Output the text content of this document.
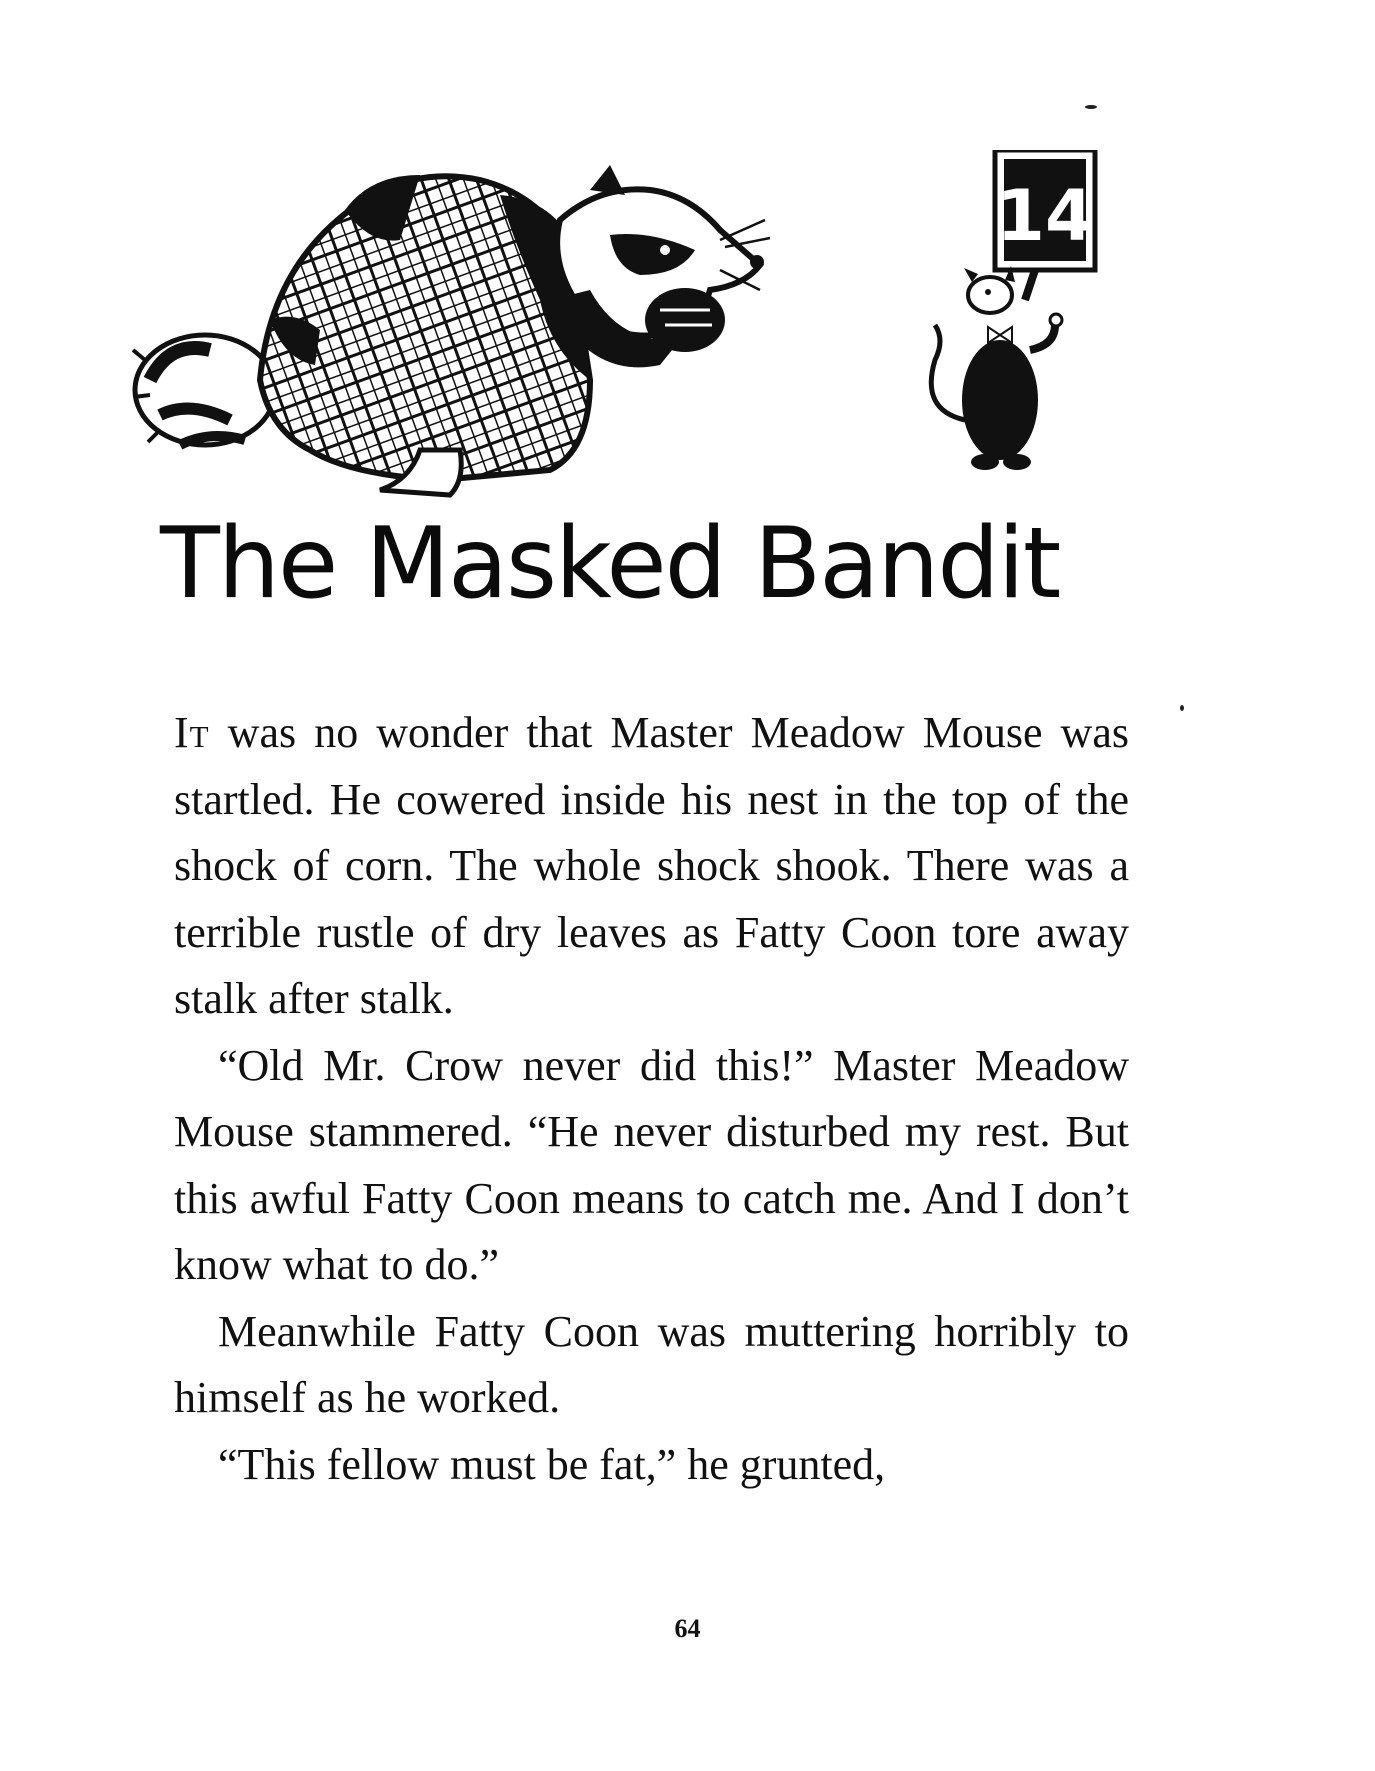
14
The Masked Bandit

It was no wonder that Master Meadow Mouse was startled. He cowered inside his nest in the top of the shock of corn. The whole shock shook. There was a terrible rustle of dry leaves as Fatty Coon tore away stalk after stalk.

“Old Mr. Crow never did this!” Master Meadow Mouse stammered. “He never disturbed my rest. But this awful Fatty Coon means to catch me. And I don’t know what to do.”

Meanwhile Fatty Coon was muttering horribly to himself as he worked.

“This fellow must be fat,” he grunted,

64
